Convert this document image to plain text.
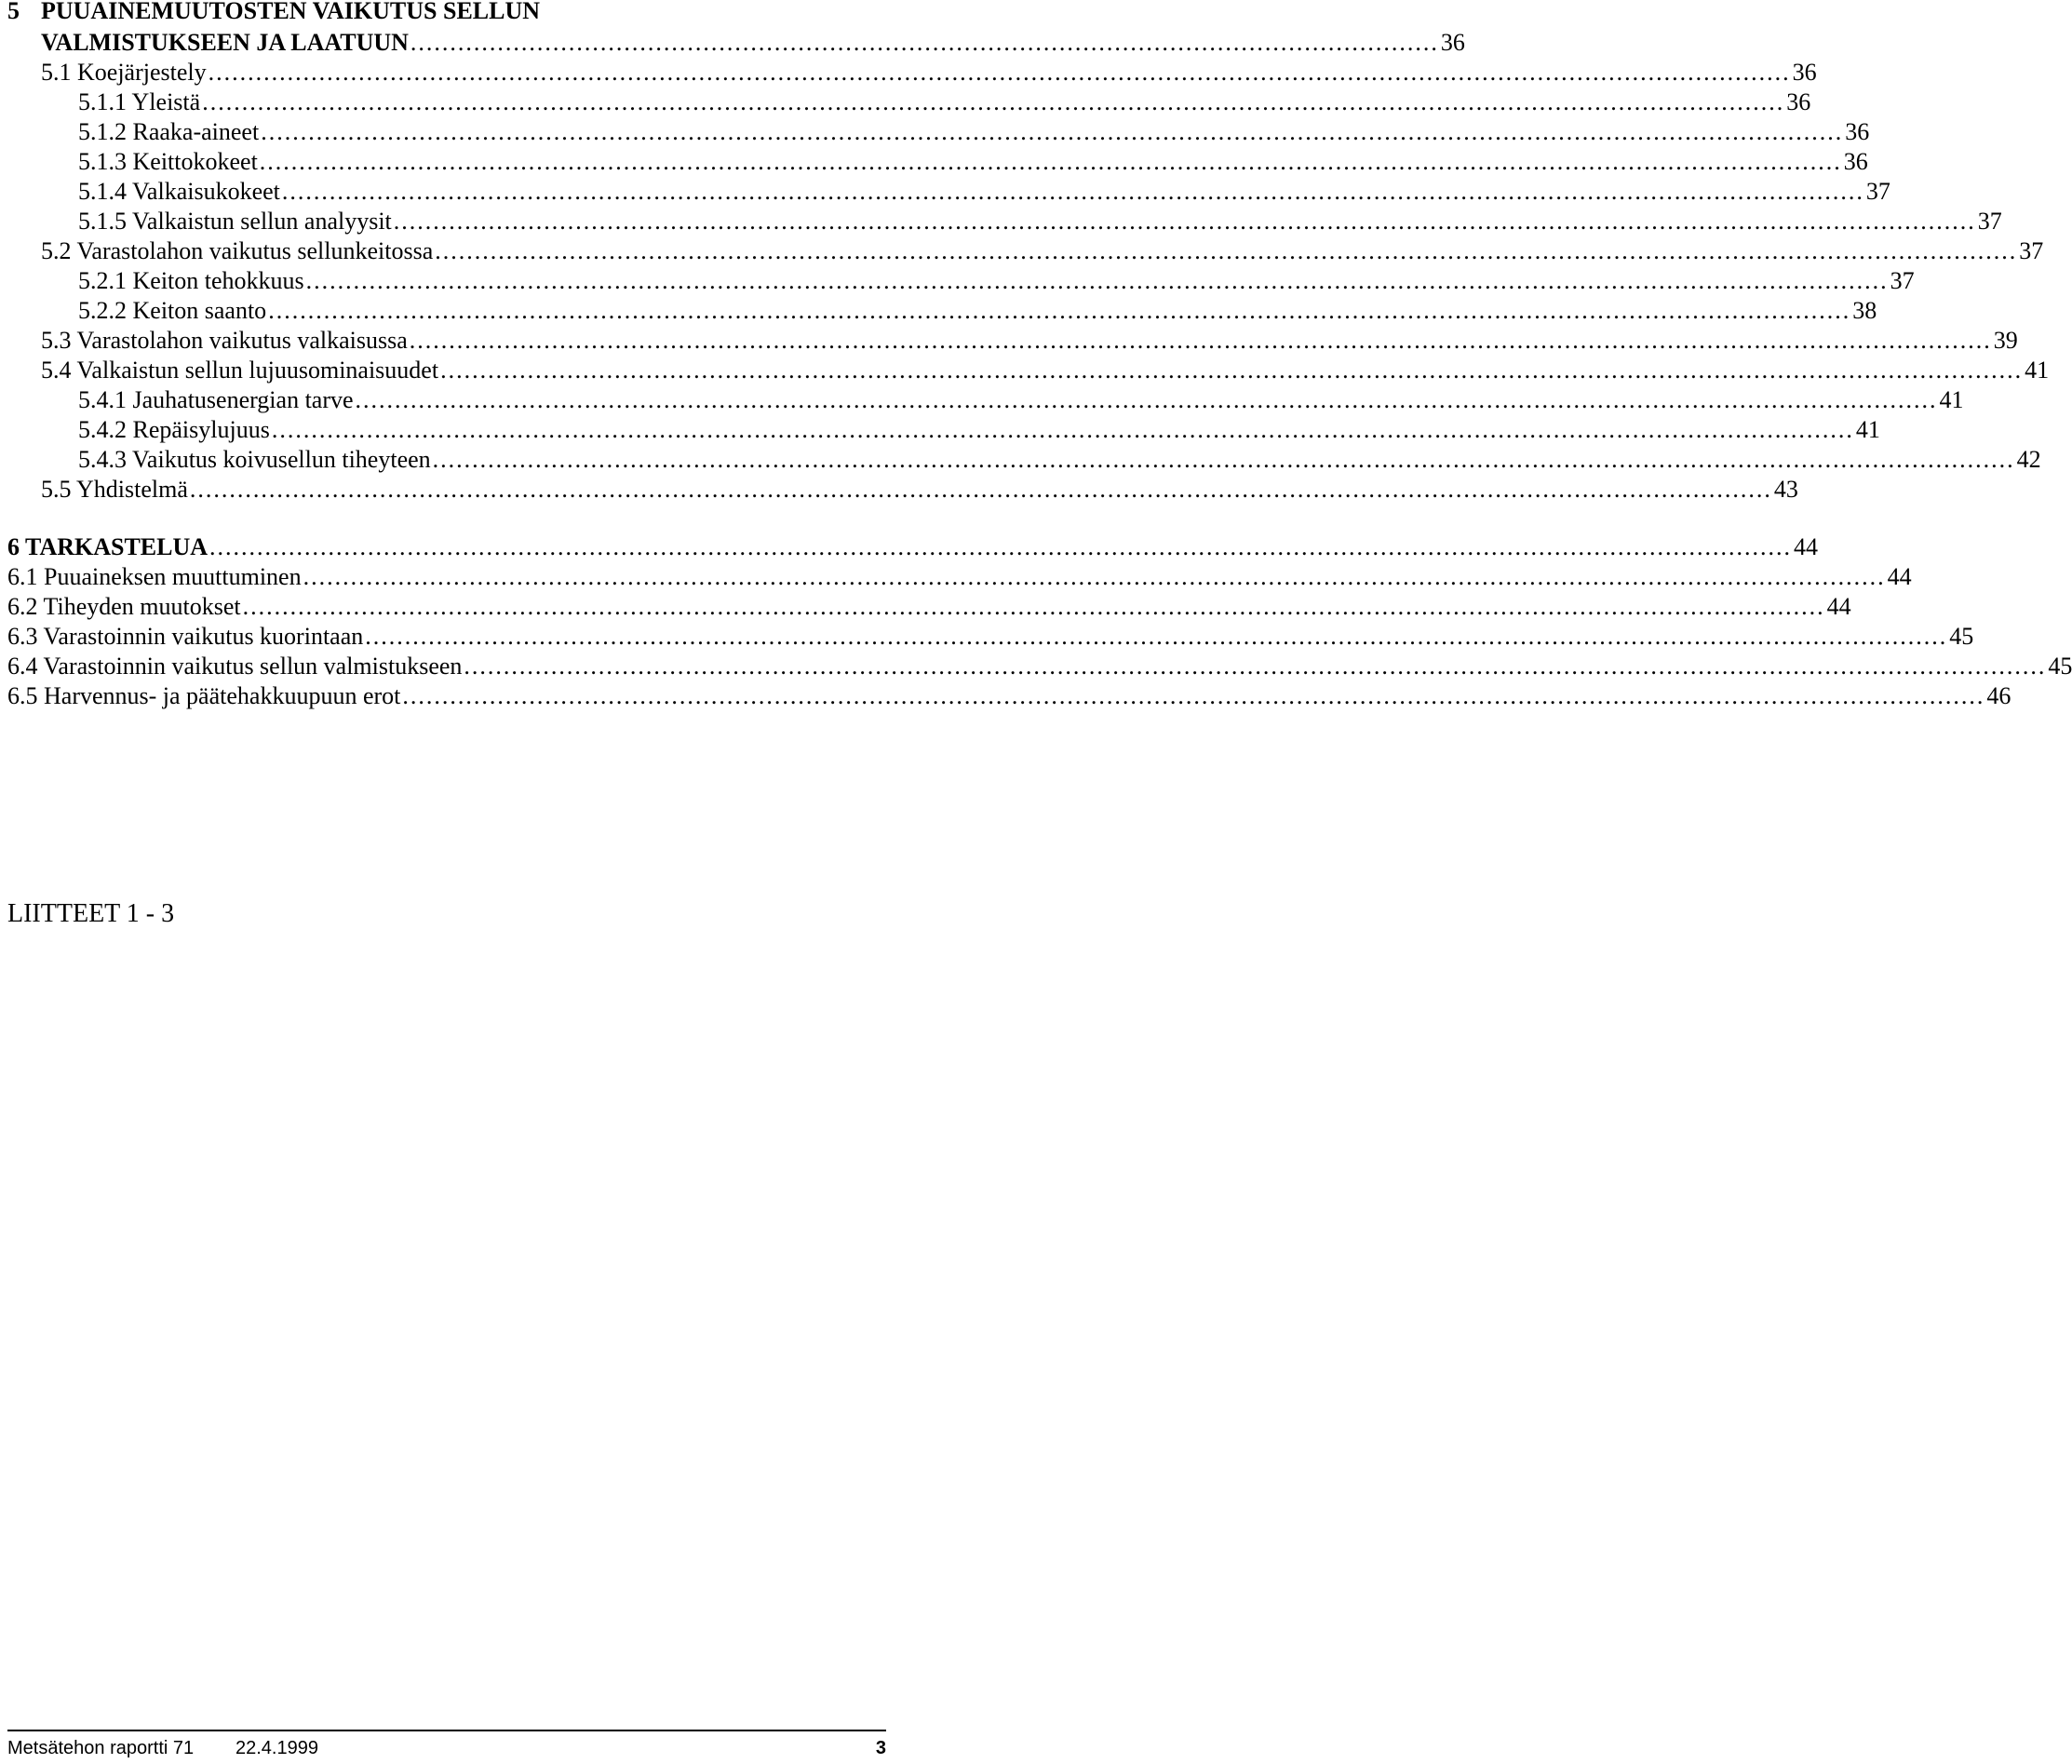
5 PUUAINEMUUTOSTEN VAIKUTUS SELLUN
VALMISTUKSEEN JA LAATUUN .................................................................................................................................. 36
5.1 Koejärjestely ........................................................................................................................................................................................................ 36
5.1.1 Yleistä ........................................................................................................................................................................................................ 36
5.1.2 Raaka-aineet ........................................................................................................................................................................................................ 36
5.1.3 Keittokokeet ........................................................................................................................................................................................................ 36
5.1.4 Valkaisukokeet ........................................................................................................................................................................................................ 37
5.1.5 Valkaistun sellun analyysit ........................................................................................................................................................................................................ 37
5.2 Varastolahon vaikutus sellunkeitossa ........................................................................................................................................................................................................ 37
5.2.1 Keiton tehokkuus ........................................................................................................................................................................................................ 37
5.2.2 Keiton saanto ........................................................................................................................................................................................................ 38
5.3 Varastolahon vaikutus valkaisussa ........................................................................................................................................................................................................ 39
5.4 Valkaistun sellun lujuusominaisuudet ........................................................................................................................................................................................................ 41
5.4.1 Jauhatusenergian tarve ........................................................................................................................................................................................................ 41
5.4.2 Repäisylujuus ........................................................................................................................................................................................................ 41
5.4.3 Vaikutus koivusellun tiheyteen ........................................................................................................................................................................................................ 42
5.5 Yhdistelmä ........................................................................................................................................................................................................ 43
6 TARKASTELUA ........................................................................................................................................................................................................ 44
6.1 Puuaineksen muuttuminen ........................................................................................................................................................................................................ 44
6.2 Tiheyden muutokset ........................................................................................................................................................................................................ 44
6.3 Varastoinnin vaikutus kuorintaan ........................................................................................................................................................................................................ 45
6.4 Varastoinnin vaikutus sellun valmistukseen ........................................................................................................................................................................................................ 45
6.5 Harvennus- ja päätehakkuupuun erot ........................................................................................................................................................................................................ 46
LIITTEET 1 - 3
Metsätehon raportti 71 22.4.1999	3
